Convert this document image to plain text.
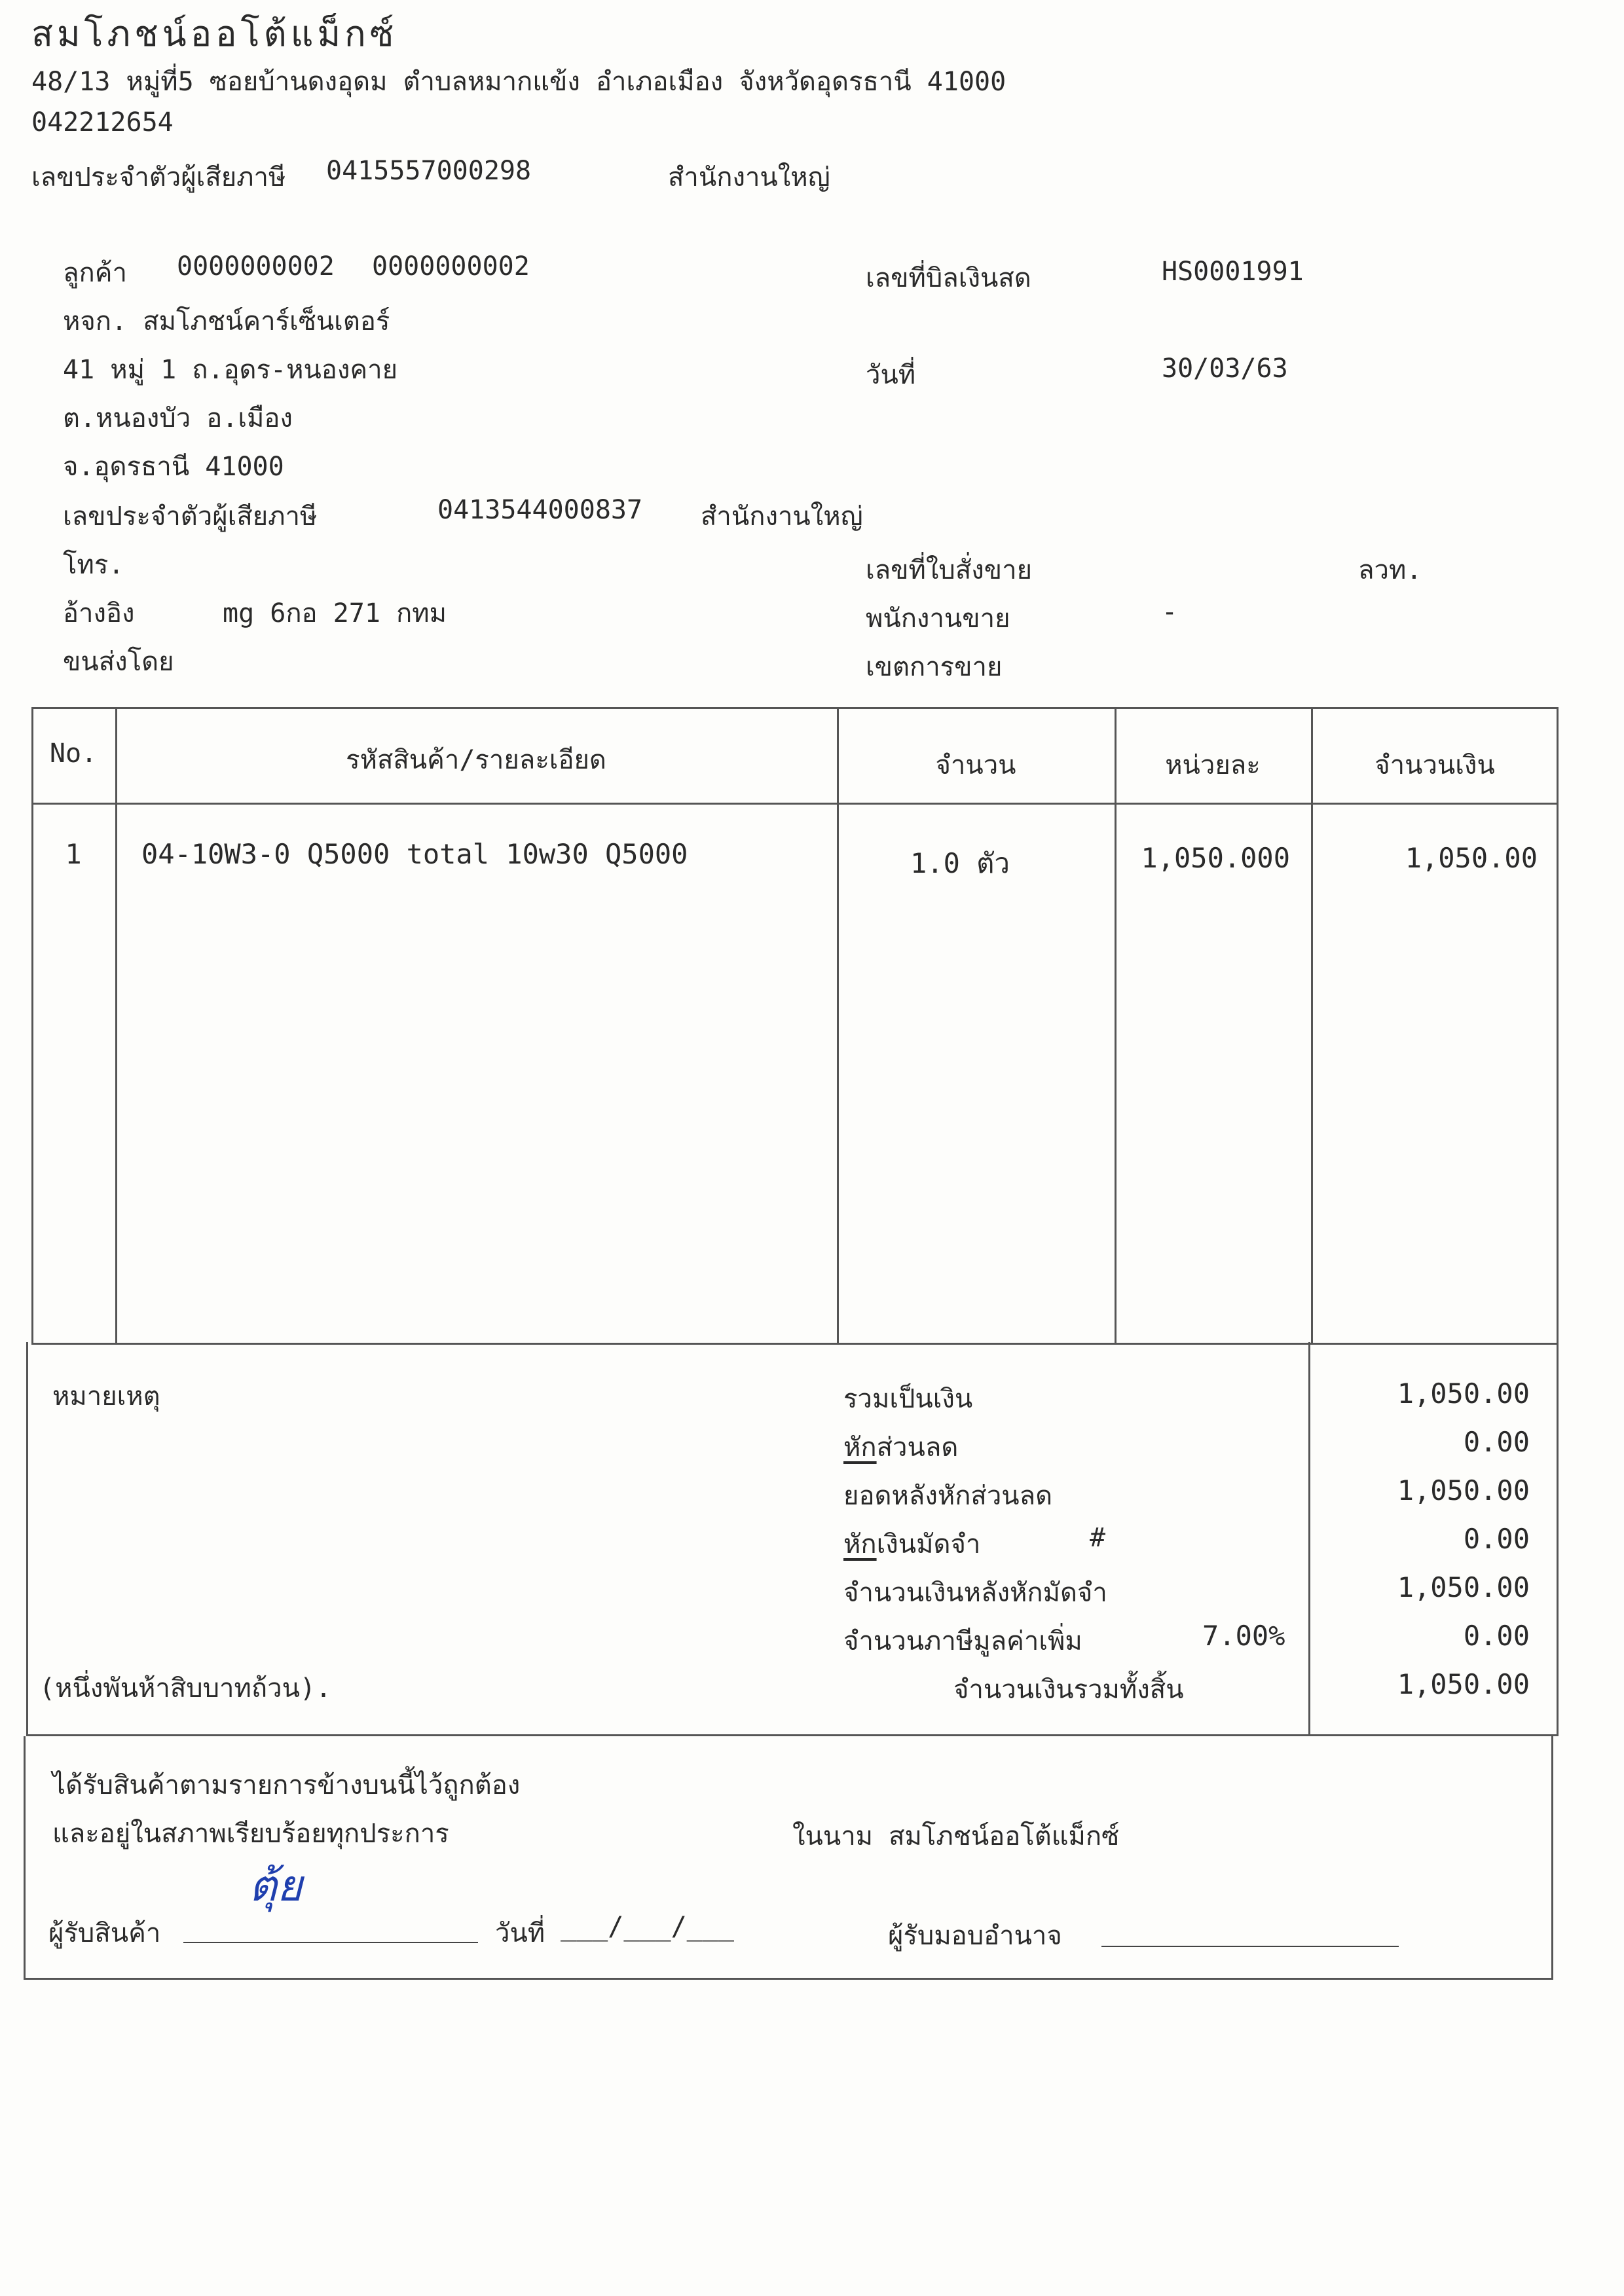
สมโภชน์ออโต้แม็กซ์
48/13 หมู่ที่5 ซอยบ้านดงอุดม ตำบลหมากแข้ง อำเภอเมือง จังหวัดอุดรธานี 41000
042212654
เลขประจำตัวผู้เสียภาษี 0415557000298	สำนักงานใหญ่
ลูกค้า 0000000002 0000000002
หจก. สมโภชน์คาร์เซ็นเตอร์
41 หมู่ 1 ถ.อุดร-หนองคาย
ต.หนองบัว อ.เมือง
จ.อุดรธานี 41000
เลขประจำตัวผู้เสียภาษี	0413544000837 สำนักงานใหญ่
โทร.
อ้างอิง	mg 6กอ 271 กทม
ขนส่งโดย
เลขที่บิลเงินสด	HS0001991
วันที่	30/03/63
เลขที่ใบสั่งขาย	ลวท.
พนักงานขาย	-
เขตการขาย
No.	รหัสสินค้า/รายละเอียด	จำนวน	หน่วยละ	จำนวนเงิน
1	04-10W3-0 Q5000 total 10w30 Q5000	1.0 ตัว	1,050.000	1,050.00
หมายเหตุ
(หนึ่งพันห้าสิบบาทถ้วน).
รวมเป็นเงิน	1,050.00
หักส่วนลด	0.00
ยอดหลังหักส่วนลด	1,050.00
หักเงินมัดจำ	#	0.00
จำนวนเงินหลังหักมัดจำ	1,050.00
จำนวนภาษีมูลค่าเพิ่ม	7.00%	0.00
จำนวนเงินรวมทั้งสิ้น	1,050.00
ได้รับสินค้าตามรายการข้างบนนี้ไว้ถูกต้อง
และอยู่ในสภาพเรียบร้อยทุกประการ	ในนาม สมโภชน์ออโต้แม็กซ์
ผู้รับสินค้า
ตุ้ย
วันที่ ___/___/___	ผู้รับมอบอำนาจ
